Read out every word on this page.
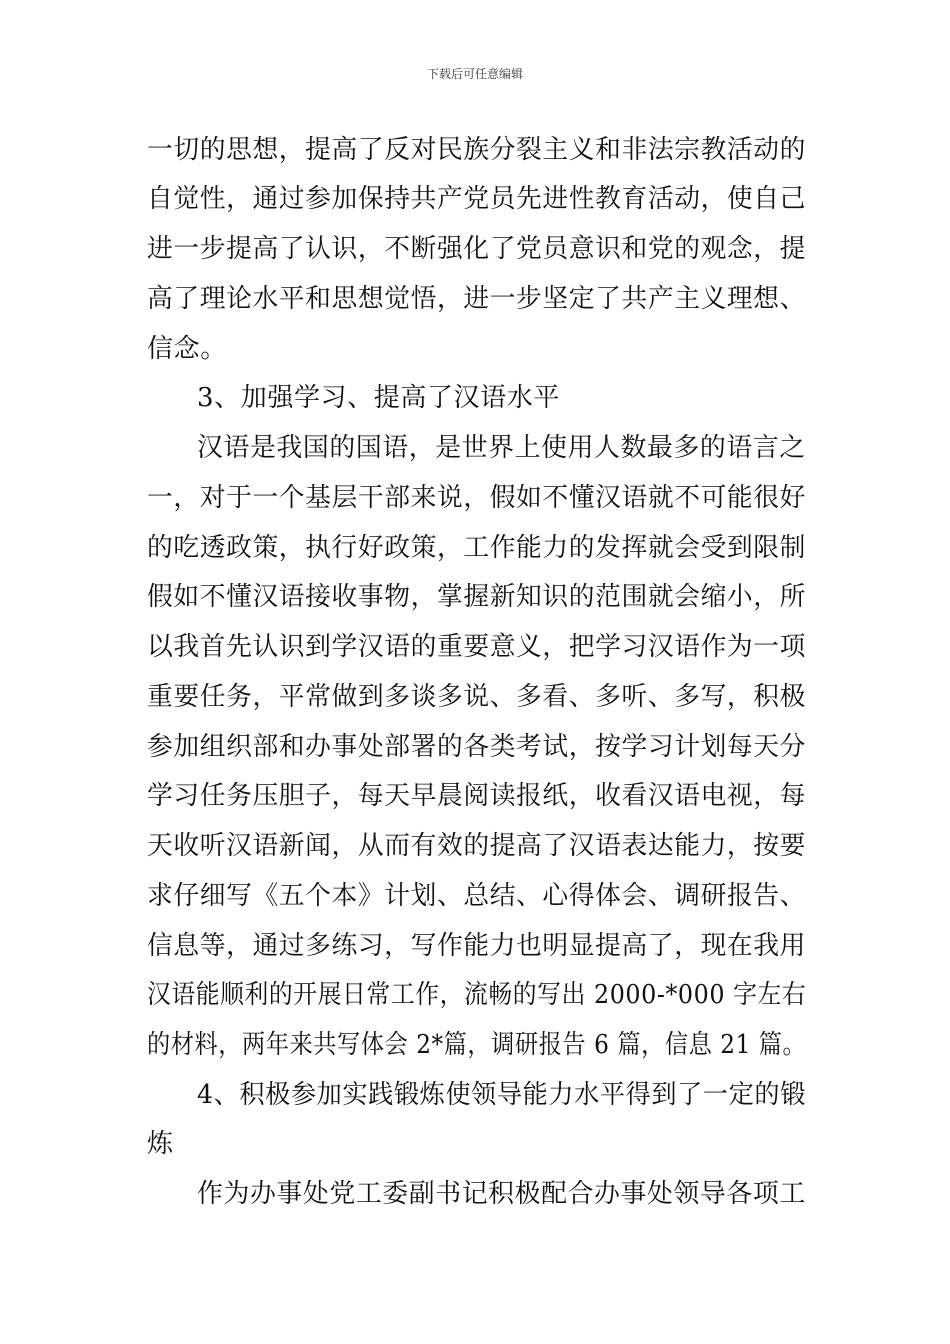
下载后可任意编辑
一切的思想，提高了反对民族分裂主义和非法宗教活动的
自觉性，通过参加保持共产党员先进性教育活动，使自己
进一步提高了认识，不断强化了党员意识和党的观念，提
高了理论水平和思想觉悟，进一步坚定了共产主义理想、
信念。
3、加强学习、提高了汉语水平
汉语是我国的国语，是世界上使用人数最多的语言之
一，对于一个基层干部来说，假如不懂汉语就不可能很好
的吃透政策，执行好政策，工作能力的发挥就会受到限制
假如不懂汉语接收事物，掌握新知识的范围就会缩小，所
以我首先认识到学汉语的重要意义，把学习汉语作为一项
重要任务，平常做到多谈多说、多看、多听、多写，积极
参加组织部和办事处部署的各类考试，按学习计划每天分
学习任务压胆子，每天早晨阅读报纸，收看汉语电视，每
天收听汉语新闻，从而有效的提高了汉语表达能力，按要
求仔细写《五个本》计划、总结、心得体会、调研报告、
信息等，通过多练习，写作能力也明显提高了，现在我用
汉语能顺利的开展日常工作，流畅的写出 2000-*000 字左右
的材料，两年来共写体会 2*篇，调研报告 6 篇，信息 21 篇。
4、积极参加实践锻炼使领导能力水平得到了一定的锻
炼
作为办事处党工委副书记积极配合办事处领导各项工
